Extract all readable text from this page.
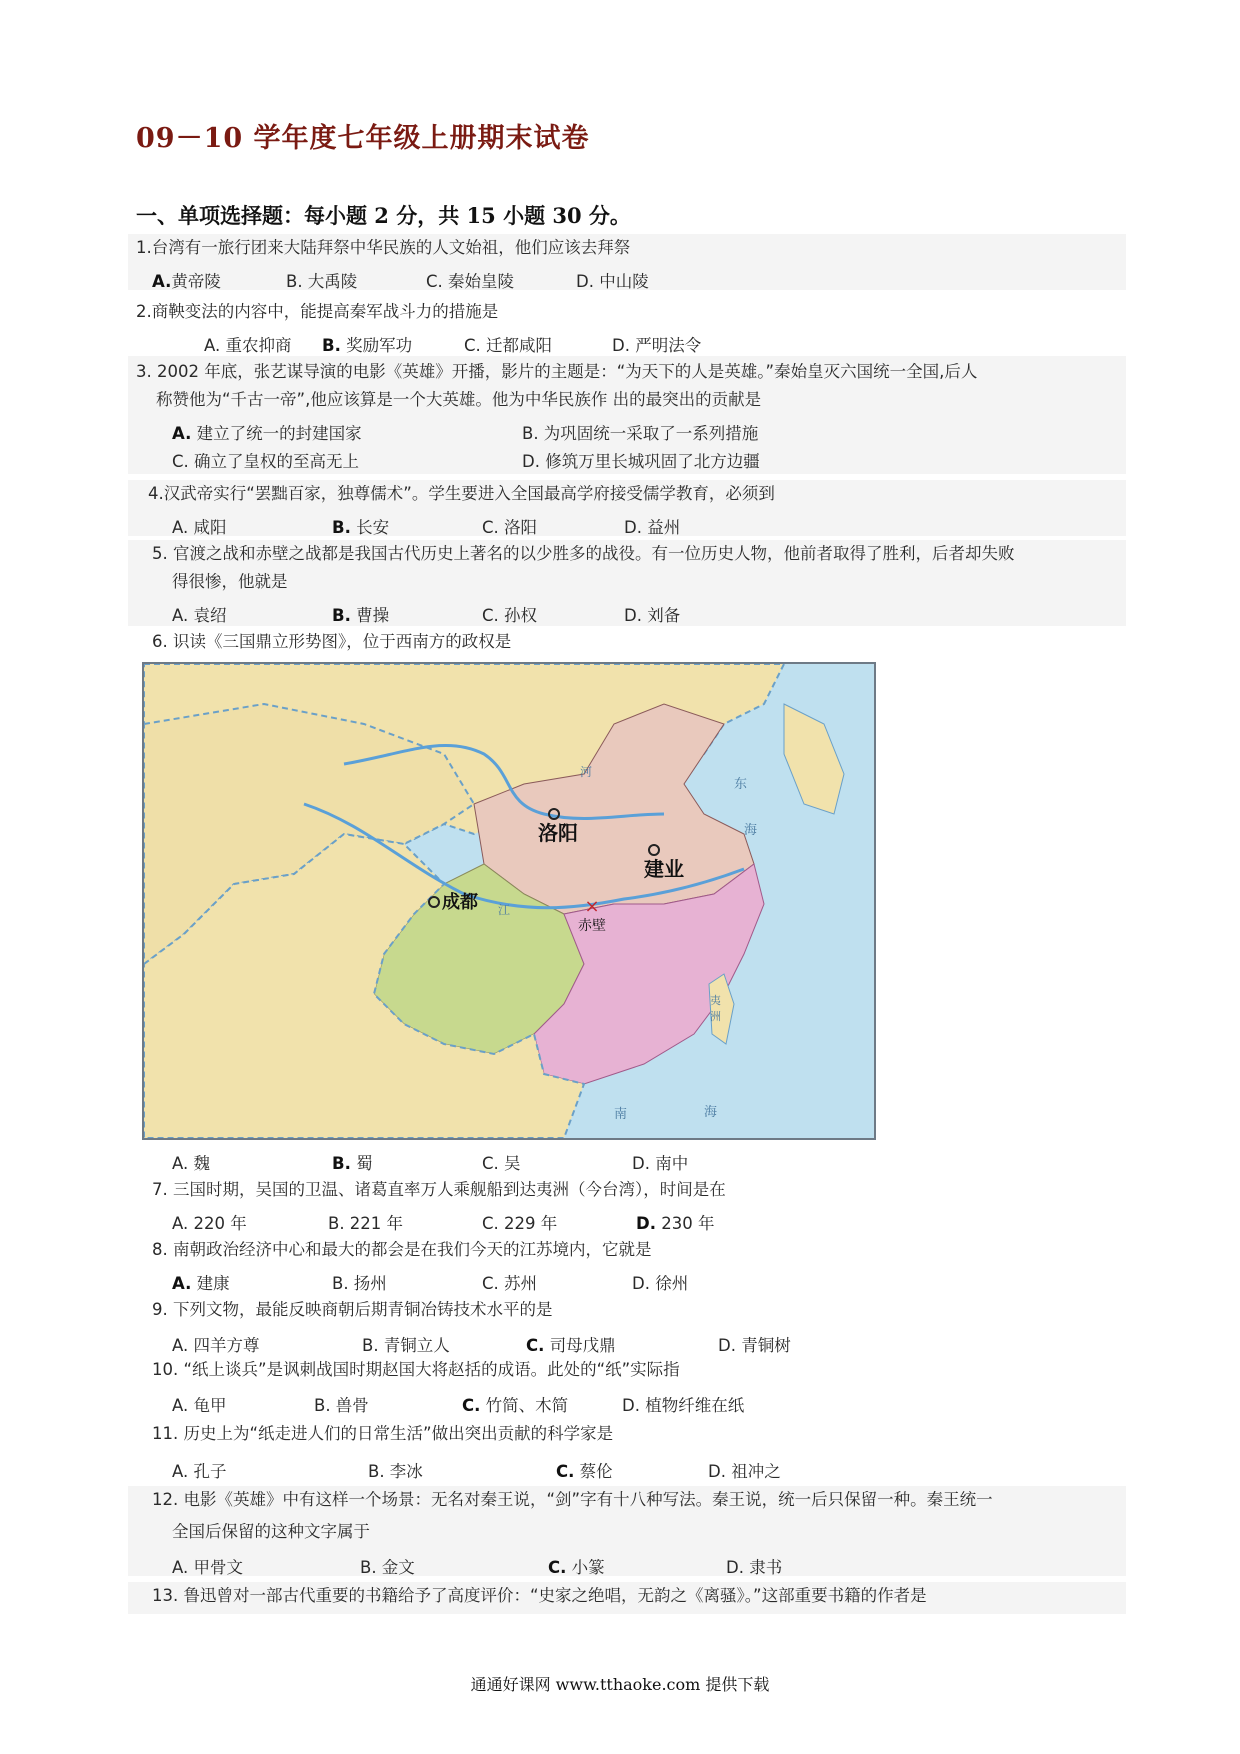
09－10 学年度七年级上册期末试卷
一、单项选择题：每小题 2 分，共 15 小题 30 分。
1.台湾有一旅行团来大陆拜祭中华民族的人文始祖，他们应该去拜祭
A.黄帝陵	B. 大禹陵	C. 秦始皇陵	D. 中山陵
2.商鞅变法的内容中，能提高秦军战斗力的措施是
A. 重农抑商 B. 奖励军功	C. 迁都咸阳	D. 严明法令
3. 2002 年底，张艺谋导演的电影《英雄》开播，影片的主题是：“为天下的人是英雄。”秦始皇灭六国统一全国,后人
称赞他为“千古一帝”,他应该算是一个大英雄。他为中华民族作 出的最突出的贡献是
A. 建立了统一的封建国家	B. 为巩固统一采取了一系列措施
C. 确立了皇权的至高无上	D. 修筑万里长城巩固了北方边疆
4.汉武帝实行“罢黜百家，独尊儒术”。学生要进入全国最高学府接受儒学教育，必须到
A. 咸阳	B. 长安	C. 洛阳	D. 益州
5. 官渡之战和赤壁之战都是我国古代历史上著名的以少胜多的战役。有一位历史人物，他前者取得了胜利，后者却失败
得很惨，他就是
A. 袁绍	B. 曹操	C. 孙权	D. 刘备
6. 识读《三国鼎立形势图》，位于西南方的政权是
×
洛阳
建业
成都
赤壁
东
海
南	海
夷
洲
江
河
A. 魏	B. 蜀	C. 吴	D. 南中
7. 三国时期，吴国的卫温、诸葛直率万人乘舰船到达夷洲（今台湾），时间是在
A. 220 年	B. 221 年	C. 229 年	D. 230 年
8. 南朝政治经济中心和最大的都会是在我们今天的江苏境内，它就是
A. 建康	B. 扬州	C. 苏州	D. 徐州
9. 下列文物，最能反映商朝后期青铜冶铸技术水平的是
A. 四羊方尊	B. 青铜立人	C. 司母戊鼎	D. 青铜树
10. “纸上谈兵”是讽刺战国时期赵国大将赵括的成语。此处的“纸”实际指
A. 龟甲	B. 兽骨	C. 竹简、木简	D. 植物纤维在纸
11. 历史上为“纸走进人们的日常生活”做出突出贡献的科学家是
A. 孔子	B. 李冰	C. 蔡伦	D. 祖冲之
12. 电影《英雄》中有这样一个场景：无名对秦王说，“剑”字有十八种写法。秦王说，统一后只保留一种。秦王统一
全国后保留的这种文字属于
A. 甲骨文	B. 金文	C. 小篆	D. 隶书
13. 鲁迅曾对一部古代重要的书籍给予了高度评价：“史家之绝唱，无韵之《离骚》。”这部重要书籍的作者是
通通好课网 www.tthaoke.com 提供下载
